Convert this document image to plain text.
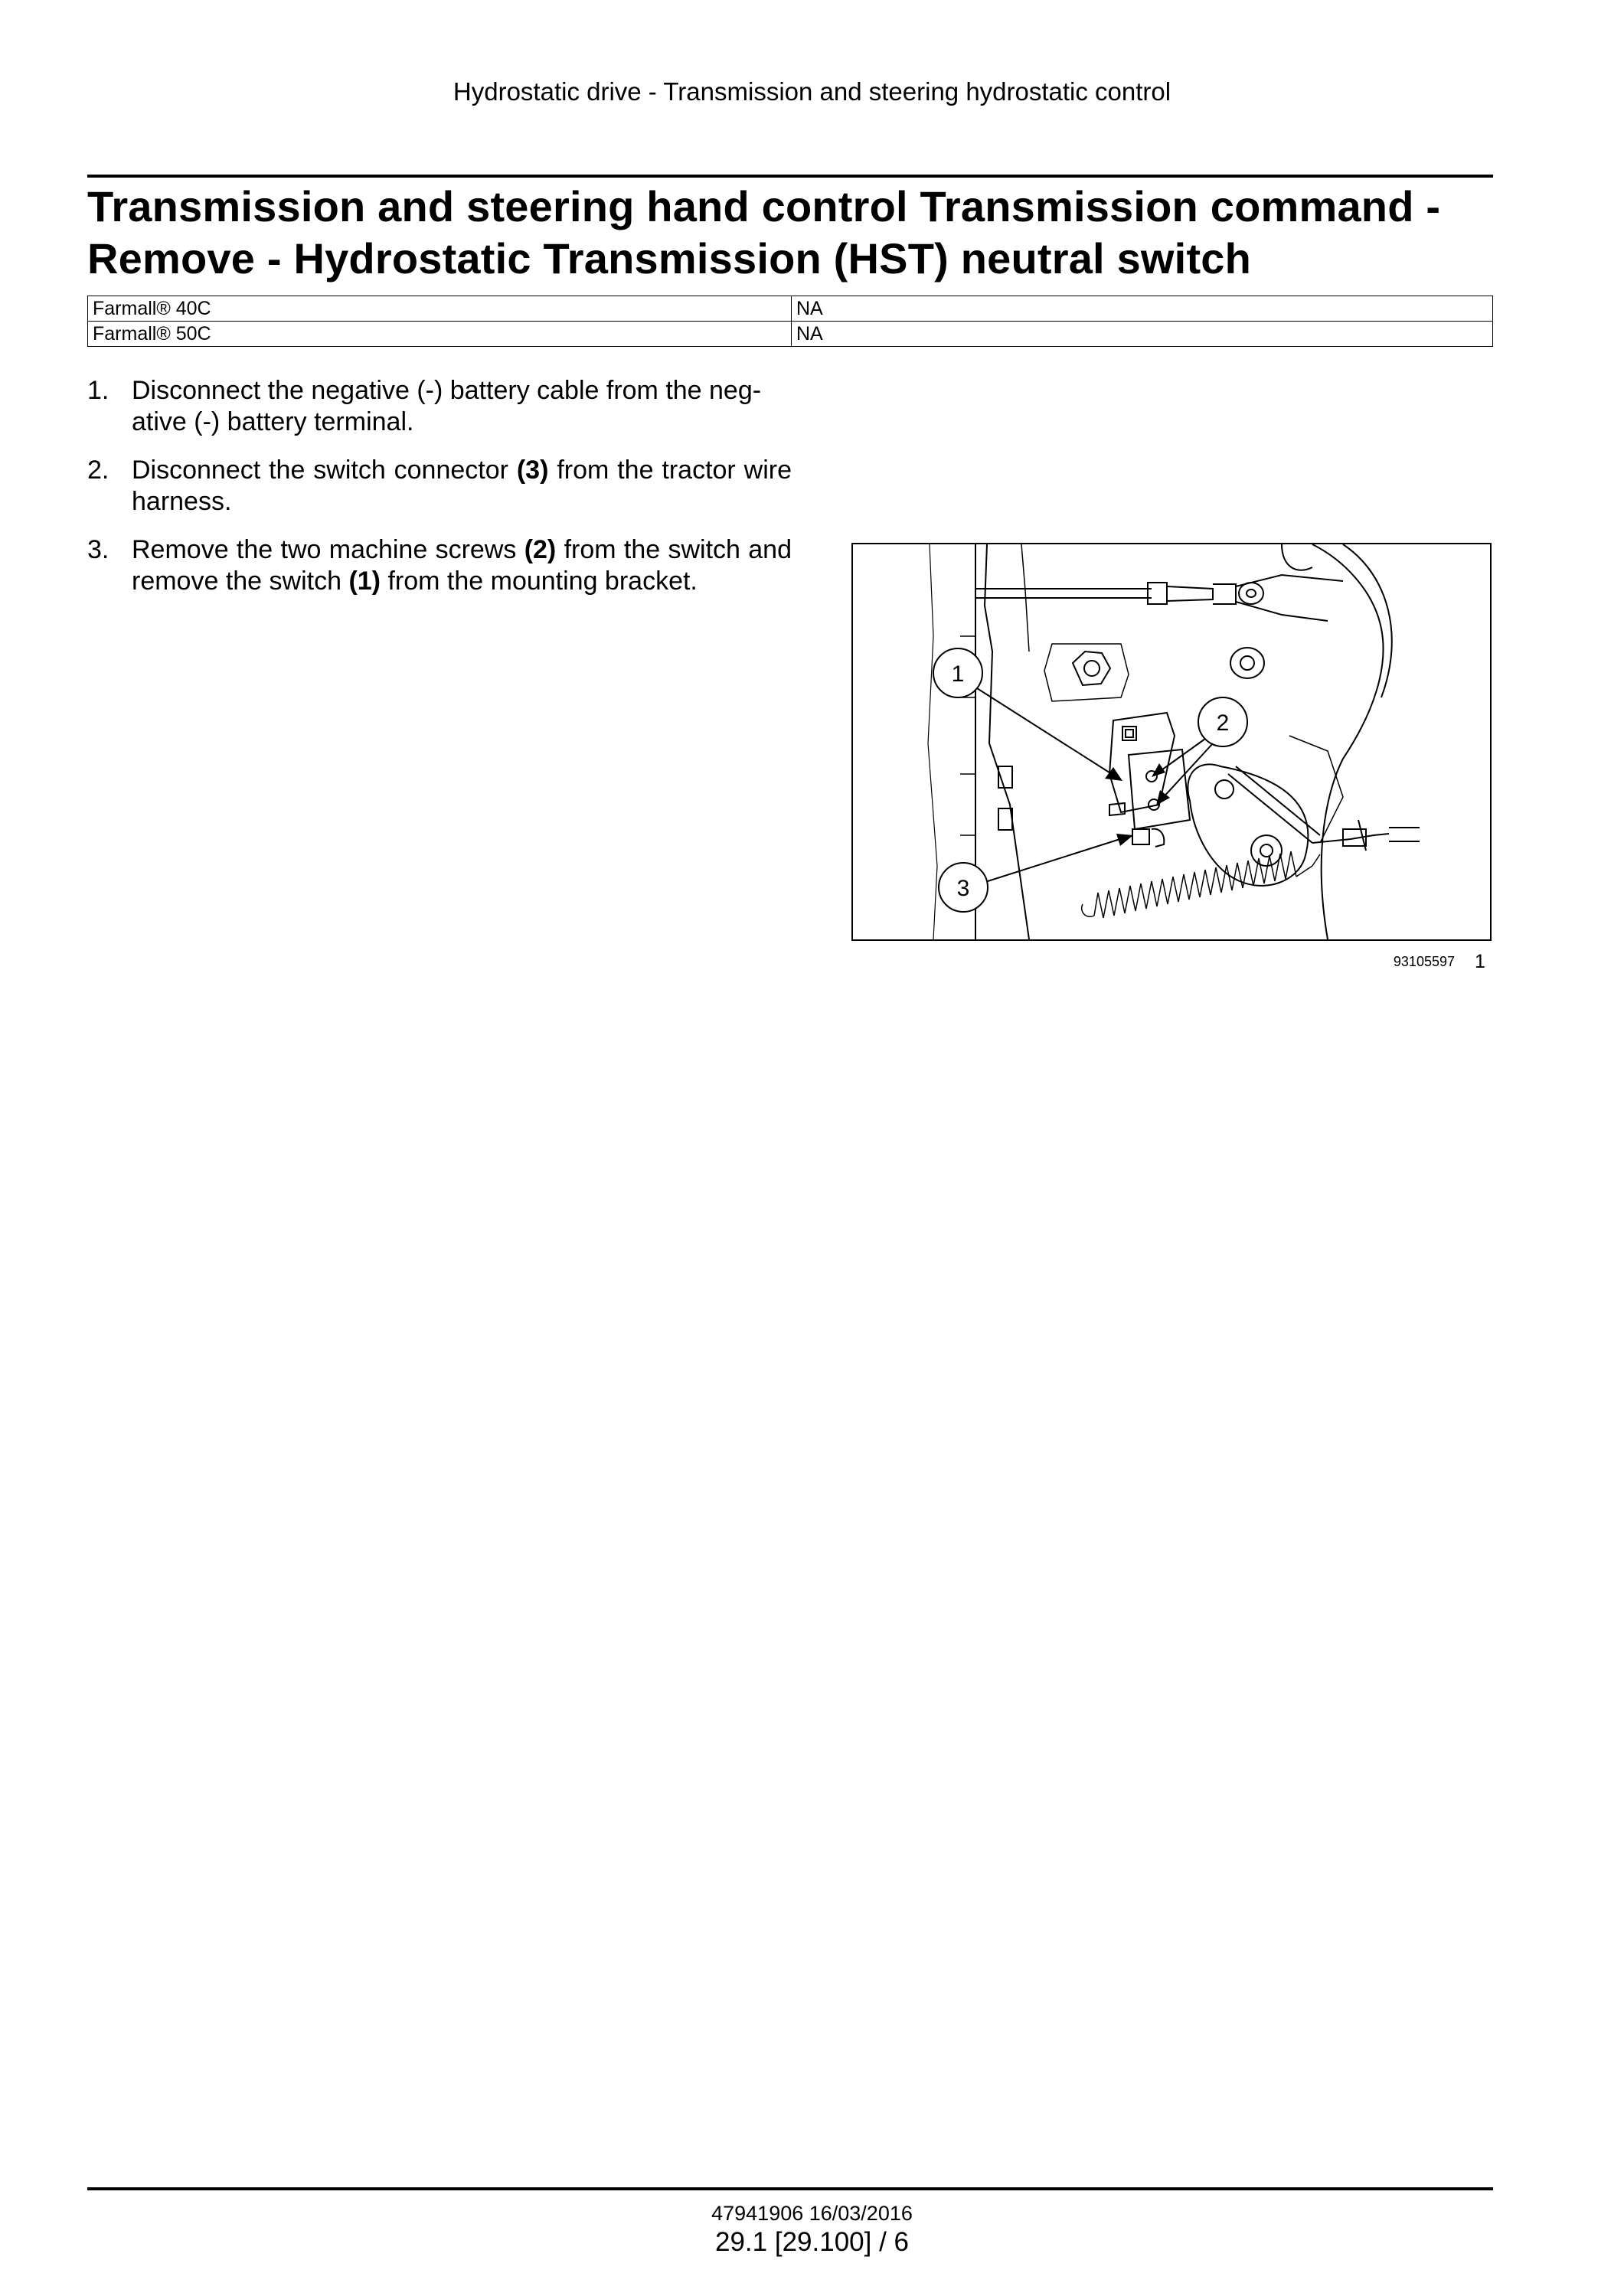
Hydrostatic drive - Transmission and steering hydrostatic control
Transmission and steering hand control Transmission command -
Remove - Hydrostatic Transmission (HST) neutral switch
Farmall® 40C	NA
Farmall® 50C	NA
1. Disconnect the negative (-) battery cable from the neg-
ative (-) battery terminal.
2. Disconnect the switch connector (3) from the tractor wire harness.
3. Remove the two machine screws (2) from the switch and remove the switch (1) from the mounting bracket.
1
2
3
93105597 1
47941906 16/03/2016
29.1 [29.100] / 6
